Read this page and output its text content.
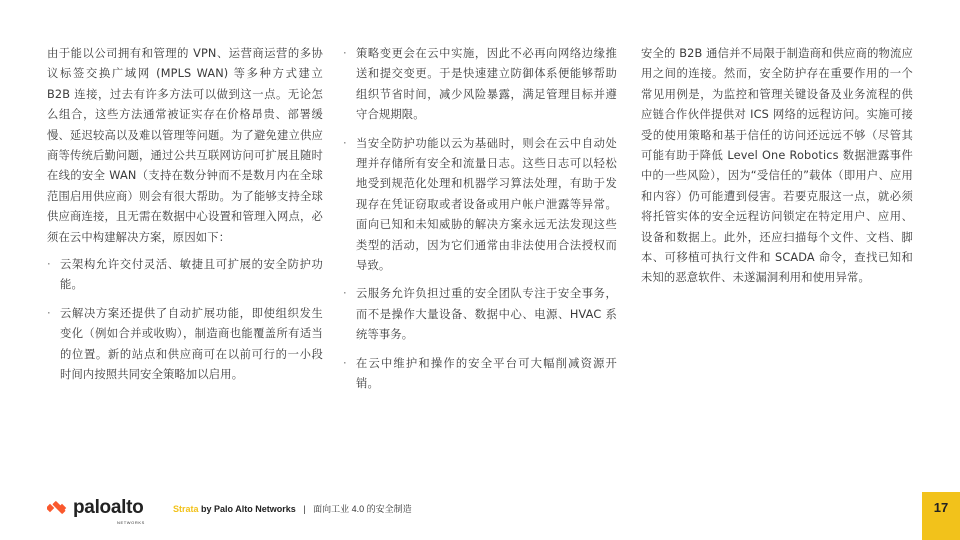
由于能以公司拥有和管理的 VPN、运营商运营的多协议标签交换广域网 (MPLS WAN) 等多种方式建立 B2B 连接，过去有许多方法可以做到这一点。无论怎么组合，这些方法通常被证实存在价格昂贵、部署缓慢、延迟较高以及难以管理等问题。为了避免建立供应商等传统后勤问题，通过公共互联网访问可扩展且随时在线的安全 WAN（支持在数分钟而不是数月内在全球范围启用供应商）则会有很大帮助。为了能够支持全球供应商连接，且无需在数据中心设置和管理入网点，必须在云中构建解决方案，原因如下：

· 云架构允许交付灵活、敏捷且可扩展的安全防护功能。
· 云解决方案还提供了自动扩展功能，即使组织发生变化（例如合并或收购），制造商也能覆盖所有适当的位置。新的站点和供应商可在以前可行的一小段时间内按照共同安全策略加以启用。
· 策略变更会在云中实施，因此不必再向网络边缘推送和提交变更。于是快速建立防御体系便能够帮助组织节省时间，减少风险暴露，满足管理目标并遵守合规期限。
· 当安全防护功能以云为基础时，则会在云中自动处理并存储所有安全和流量日志。这些日志可以轻松地受到规范化处理和机器学习算法处理，有助于发现存在凭证窃取或者设备或用户帐户泄露等异常。面向已知和未知威胁的解决方案永远无法发现这些类型的活动，因为它们通常由非法使用合法授权而导致。
· 云服务允许负担过重的安全团队专注于安全事务，而不是操作大量设备、数据中心、电源、HVAC 系统等事务。
· 在云中维护和操作的安全平台可大幅削减资源开销。

安全的 B2B 通信并不局限于制造商和供应商的物流应用之间的连接。然而，安全防护存在重要作用的一个常见用例是，为监控和管理关键设备及业务流程的供应链合作伙伴提供对 ICS 网络的远程访问。实施可接受的使用策略和基于信任的访问还远远不够（尽管其可能有助于降低 Level One Robotics 数据泄露事件中的一些风险），因为“受信任的”载体（即用户、应用和内容）仍可能遭到侵害。若要克服这一点，就必须将托管实体的安全远程访问锁定在特定用户、应用、设备和数据上。此外，还应扫描每个文件、文档、脚本、可移植可执行文件和 SCADA 命令，查找已知和未知的恶意软件、未遂漏洞利用和使用异常。

paloalto
NETWORKS
Strata by Palo Alto Networks | 面向工业 4.0 的安全制造	17
